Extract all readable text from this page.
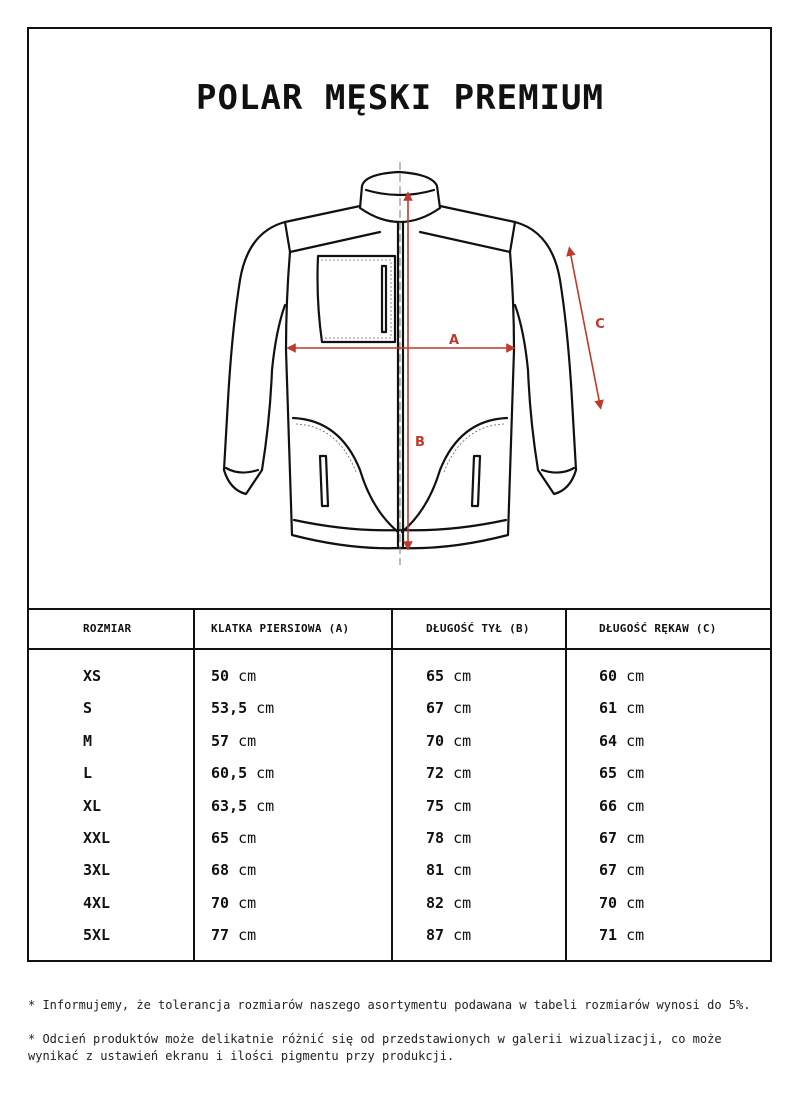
POLAR MĘSKI PREMIUM
A
B
C
ROZMIAR	KLATKA PIERSIOWA (A)	DŁUGOŚĆ TYŁ (B)	DŁUGOŚĆ RĘKAW (C)
XS	50 cm	65 cm	60 cm
S	53,5 cm	67 cm	61 cm
M	57 cm	70 cm	64 cm
L	60,5 cm	72 cm	65 cm
XL	63,5 cm	75 cm	66 cm
XXL	65 cm	78 cm	67 cm
3XL	68 cm	81 cm	67 cm
4XL	70 cm	82 cm	70 cm
5XL	77 cm	87 cm	71 cm
* Informujemy, że tolerancja rozmiarów naszego asortymentu podawana w tabeli rozmiarów wynosi do 5%.
* Odcień produktów może delikatnie różnić się od przedstawionych w galerii wizualizacji, co może wynikać z ustawień ekranu i ilości pigmentu przy produkcji.
